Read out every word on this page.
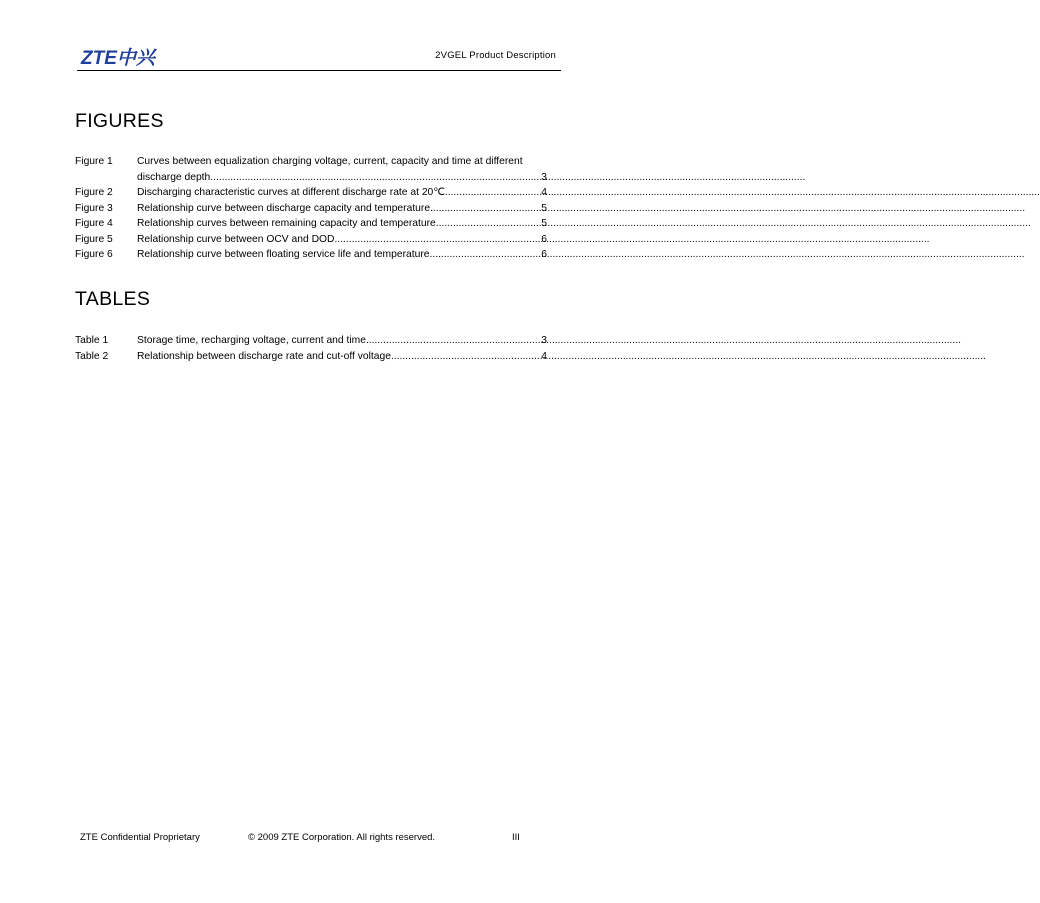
ZTE中兴	2VGEL Product Description
FIGURES
Figure 1	Curves between equalization charging voltage, current, capacity and time at different
discharge depth .....	3
Figure 2	Discharging characteristic curves at different discharge rate at 20℃ .....	4
Figure 3	Relationship curve between discharge capacity and temperature .....	5
Figure 4	Relationship curves between remaining capacity and temperature .....	5
Figure 5	Relationship curve between OCV and DOD .....	6
Figure 6	Relationship curve between floating service life and temperature .....	6
TABLES
Table 1	Storage time, recharging voltage, current and time .....	3
Table 2	Relationship between discharge rate and cut-off voltage .....	4
ZTE Confidential Proprietary	© 2009 ZTE Corporation. All rights reserved.	III
